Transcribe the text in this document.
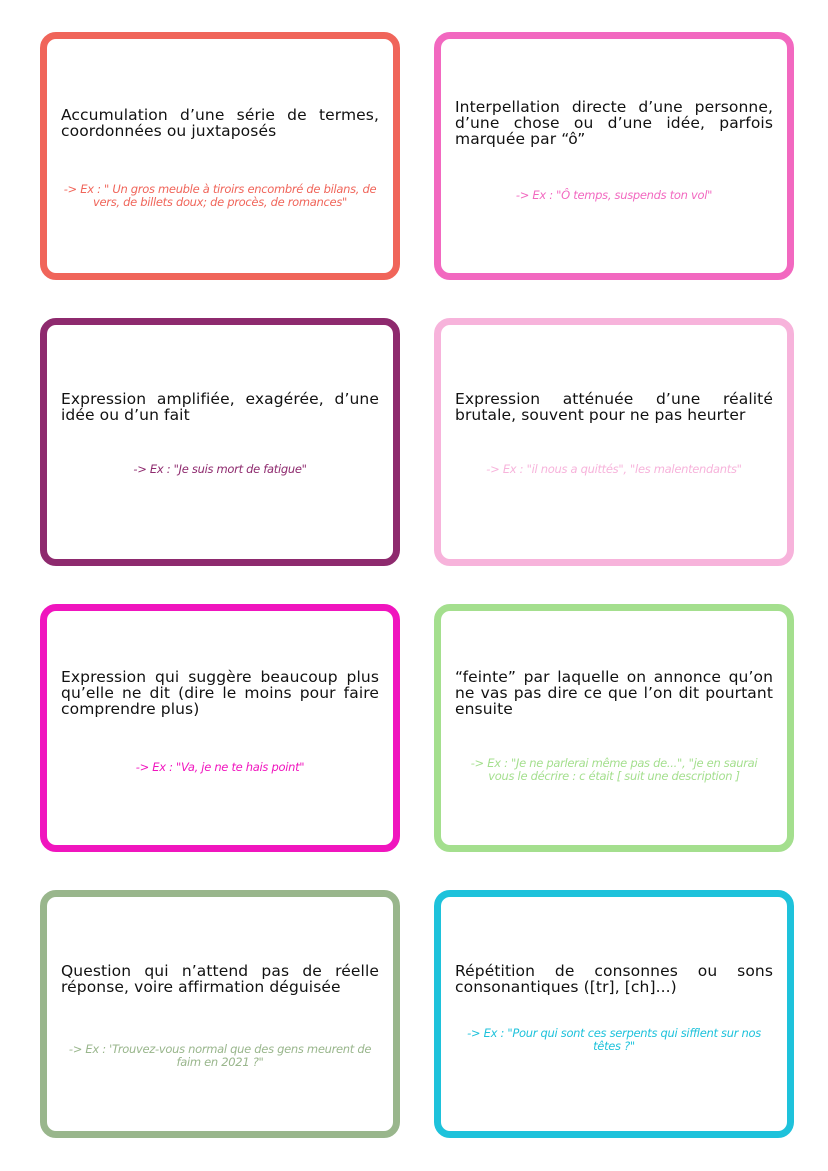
Accumulation d’une série de termes, coordonnées ou juxtaposés

-> Ex : " Un gros meuble à tiroirs encombré de bilans, de vers, de billets doux; de procès, de romances"

Interpellation directe d’une personne, d’une chose ou d’une idée, parfois marquée par “ô”

-> Ex : "Ô temps, suspends ton vol"

Expression amplifiée, exagérée, d’une idée ou d’un fait

-> Ex : "Je suis mort de fatigue"

Expression atténuée d’une réalité brutale, souvent pour ne pas heurter

-> Ex : "il nous a quittés", "les malentendants"

Expression qui suggère beaucoup plus qu’elle ne dit (dire le moins pour faire comprendre plus)

-> Ex : "Va, je ne te hais point"

“feinte” par laquelle on annonce qu’on ne vas pas dire ce que l’on dit pourtant ensuite

-> Ex : "Je ne parlerai même pas de...", "je en saurai vous le décrire : c était [ suit une description ]

Question qui n’attend pas de réelle réponse, voire affirmation déguisée

-> Ex : 'Trouvez-vous normal que des gens meurent de faim en 2021 ?"

Répétition de consonnes ou sons consonantiques ([tr], [ch]...)

-> Ex : "Pour qui sont ces serpents qui sifflent sur nos têtes ?"
